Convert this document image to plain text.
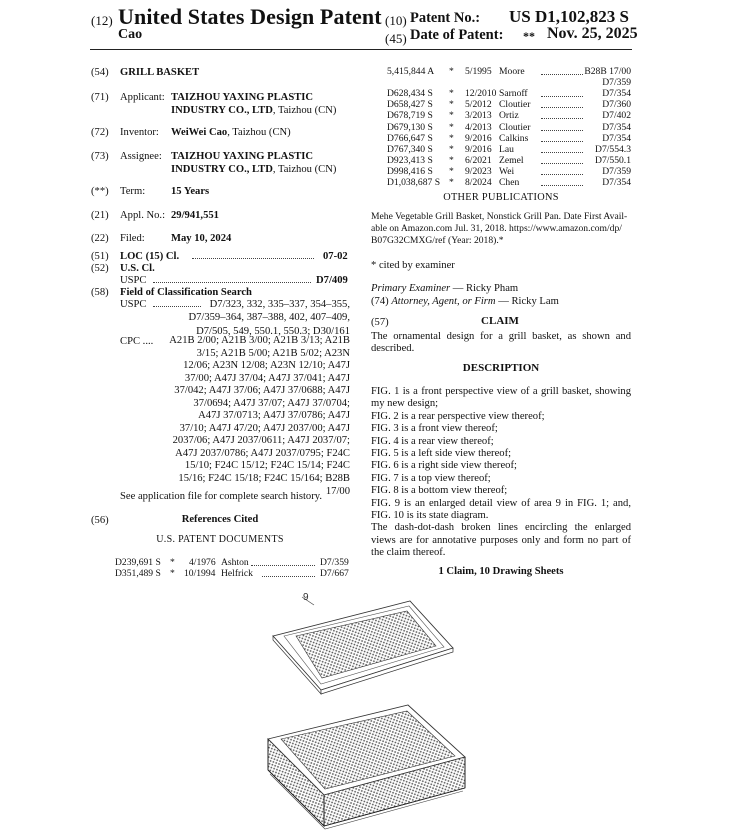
(12) United States Design Patent
Cao
(10) Patent No.: US D1,102,823 S
(45) Date of Patent: ** Nov. 25, 2025
(54) GRILL BASKET
(71) Applicant: TAIZHOU YAXING PLASTIC
INDUSTRY CO., LTD, Taizhou (CN)
(72) Inventor: WeiWei Cao, Taizhou (CN)
(73) Assignee: TAIZHOU YAXING PLASTIC
INDUSTRY CO., LTD, Taizhou (CN)
(**) Term: 15 Years
(21) Appl. No.: 29/941,551
(22) Filed: May 10, 2024
(51) LOC (15) Cl.	07-02
(52) U.S. Cl.
USPC	D7/409
(58) Field of Classification Search
USPC	D7/323, 332, 335–337, 354–355,
D7/359–364, 387–388, 402, 407–409,
D7/505, 549, 550.1, 550.3; D30/161
CPC ....	A21B 2/00; A21B 3/00; A21B 3/13; A21B
3/15; A21B 5/00; A21B 5/02; A23N
12/06; A23N 12/08; A23N 12/10; A47J
37/00; A47J 37/04; A47J 37/041; A47J
37/042; A47J 37/06; A47J 37/0688; A47J
37/0694; A47J 37/07; A47J 37/0704;
A47J 37/0713; A47J 37/0786; A47J
37/10; A47J 47/20; A47J 2037/00; A47J
2037/06; A47J 2037/0611; A47J 2037/07;
A47J 2037/0786; A47J 2037/0795; F24C
15/10; F24C 15/12; F24C 15/14; F24C
15/16; F24C 15/18; F24C 15/164; B28B
17/00
See application file for complete search history.
(56)	References Cited
U.S. PATENT DOCUMENTS
D239,691 S * 4/1976 Ashton	D7/359
D351,489 S * 10/1994 Helfrick	D7/667
5,415,844 A * 5/1995 Moore	B28B 17/00
D7/359
D628,434 S * 12/2010 Sarnoff	D7/354
D658,427 S * 5/2012 Cloutier	D7/360
D678,719 S * 3/2013 Ortiz	D7/402
D679,130 S * 4/2013 Cloutier	D7/354
D766,647 S * 9/2016 Calkins	D7/354
D767,340 S * 9/2016 Lau	D7/554.3
D923,413 S * 6/2021 Zemel	D7/550.1
D998,416 S * 9/2023 Wei	D7/359
D1,038,687 S * 8/2024 Chen	D7/354
OTHER PUBLICATIONS
Mehe Vegetable Grill Basket, Nonstick Grill Pan. Date First Avail-
able on Amazon.com Jul. 31, 2018. https://www.amazon.com/dp/
B07G32CMXG/ref (Year: 2018).*
* cited by examiner
Primary Examiner — Ricky Pham
(74) Attorney, Agent, or Firm — Ricky Lam
(57)	CLAIM
The ornamental design for a grill basket, as shown and
described.
DESCRIPTION
FIG. 1 is a front perspective view of a grill basket, showing
my new design;
FIG. 2 is a rear perspective view thereof;
FIG. 3 is a front view thereof;
FIG. 4 is a rear view thereof;
FIG. 5 is a left side view thereof;
FIG. 6 is a right side view thereof;
FIG. 7 is a top view thereof;
FIG. 8 is a bottom view thereof;
FIG. 9 is an enlarged detail view of area 9 in FIG. 1; and,
FIG. 10 is its state diagram.
The dash-dot-dash broken lines encircling the enlarged
views are for annotative purposes only and form no part of
the claim thereof.
1 Claim, 10 Drawing Sheets
9
